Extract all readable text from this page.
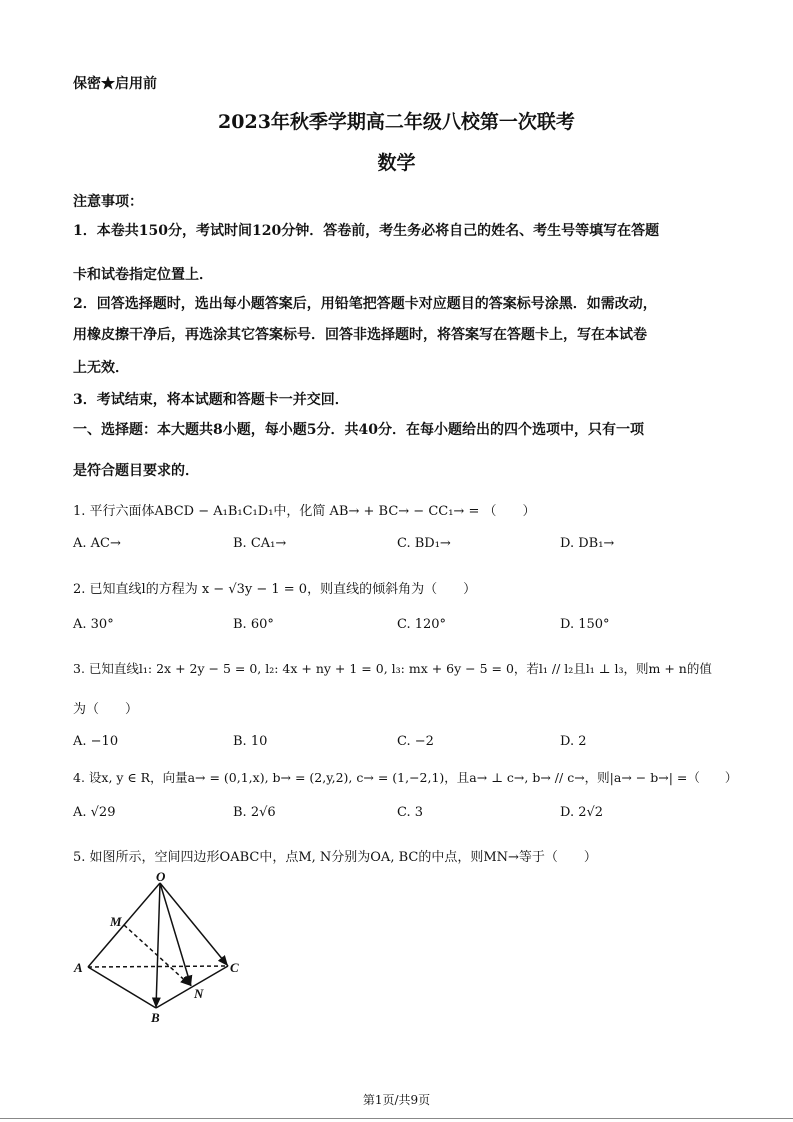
保密★启用前
2023年秋季学期高二年级八校第一次联考
数学
注意事项：
1．本卷共150分，考试时间120分钟．答卷前，考生务必将自己的姓名、考生号等填写在答题
卡和试卷指定位置上．
2．回答选择题时，选出每小题答案后，用铅笔把答题卡对应题目的答案标号涂黑．如需改动，
用橡皮擦干净后，再选涂其它答案标号．回答非选择题时，将答案写在答题卡上，写在本试卷
上无效．
3．考试结束，将本试题和答题卡一并交回．
一、选择题：本大题共8小题，每小题5分．共40分．在每小题给出的四个选项中，只有一项
是符合题目要求的．
1. 平行六面体ABCD − A₁B₁C₁D₁中，化简 AB→ + BC→ − CC₁→ = （　　）
A. AC→	B. CA₁→	C. BD₁→	D. DB₁→
2. 已知直线l的方程为 x − √3y − 1 = 0，则直线的倾斜角为（　　）
A. 30°	B. 60°	C. 120°	D. 150°
3. 已知直线l₁: 2x + 2y − 5 = 0, l₂: 4x + ny + 1 = 0, l₃: mx + 6y − 5 = 0，若l₁ // l₂且l₁ ⊥ l₃，则m + n的值
为（　　）
A. −10	B. 10	C. −2	D. 2
4. 设x, y ∈ R，向量a→ = (0,1,x), b→ = (2,y,2), c→ = (1,−2,1)，且a→ ⊥ c→, b→ // c→，则|a→ − b→| =（　　）
A. √29	B. 2√6	C. 3	D. 2√2
5. 如图所示，空间四边形OABC中，点M, N分别为OA, BC的中点，则MN→等于（　　）
O
M
A
B
C
N
第1页/共9页
